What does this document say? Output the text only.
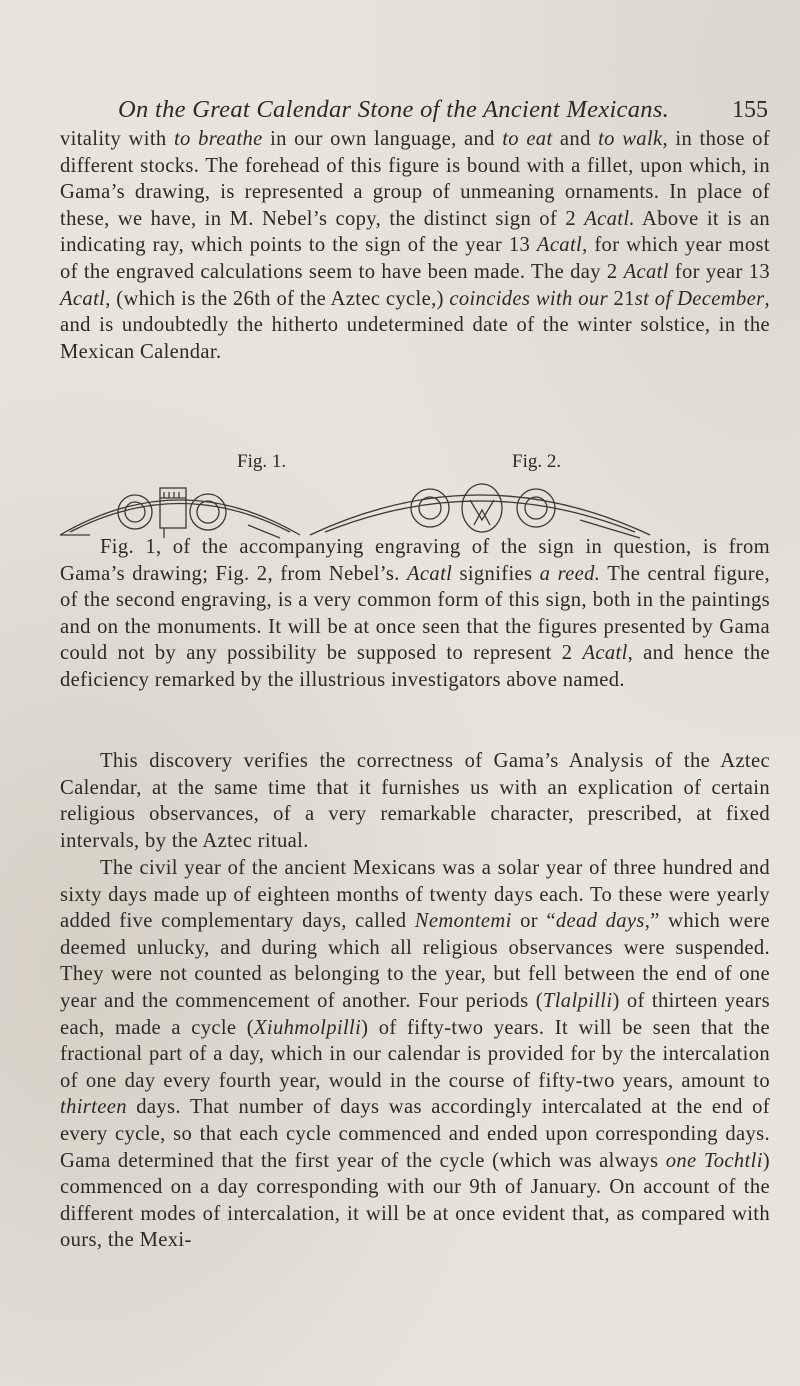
On the Great Calendar Stone of the Ancient Mexicans.	155

vitality with to breathe in our own language, and to eat and to walk, in those of different stocks. The forehead of this figure is bound with a fillet, upon which, in Gama’s drawing, is represented a group of unmeaning ornaments. In place of these, we have, in M. Nebel’s copy, the distinct sign of 2 Acatl. Above it is an indicating ray, which points to the sign of the year 13 Acatl, for which year most of the engraved calculations seem to have been made. The day 2 Acatl for year 13 Acatl, (which is the 26th of the Aztec cycle,) coincides with our 21st of December, and is undoubtedly the hitherto undetermined date of the winter solstice, in the Mexican Calendar.

Fig. 1.	Fig. 2.

Fig. 1, of the accompanying engraving of the sign in question, is from Gama’s drawing; Fig. 2, from Nebel’s. Acatl signifies a reed. The central figure, of the second engraving, is a very common form of this sign, both in the paintings and on the monuments. It will be at once seen that the figures presented by Gama could not by any possibility be supposed to represent 2 Acatl, and hence the deficiency remarked by the illustrious investigators above named.

This discovery verifies the correctness of Gama’s Analysis of the Aztec Calendar, at the same time that it furnishes us with an explication of certain religious observances, of a very remarkable character, prescribed, at fixed intervals, by the Aztec ritual.

The civil year of the ancient Mexicans was a solar year of three hundred and sixty days made up of eighteen months of twenty days each. To these were yearly added five complementary days, called Nemontemi or “dead days,” which were deemed unlucky, and during which all religious observances were suspended. They were not counted as belonging to the year, but fell between the end of one year and the commencement of another. Four periods (Tlalpilli) of thirteen years each, made a cycle (Xiuhmolpilli) of fifty-two years. It will be seen that the fractional part of a day, which in our calendar is provided for by the intercalation of one day every fourth year, would in the course of fifty-two years, amount to thirteen days. That number of days was accordingly intercalated at the end of every cycle, so that each cycle commenced and ended upon corresponding days. Gama determined that the first year of the cycle (which was always one Tochtli) commenced on a day corresponding with our 9th of January. On account of the different modes of intercalation, it will be at once evident that, as compared with ours, the Mexi-
